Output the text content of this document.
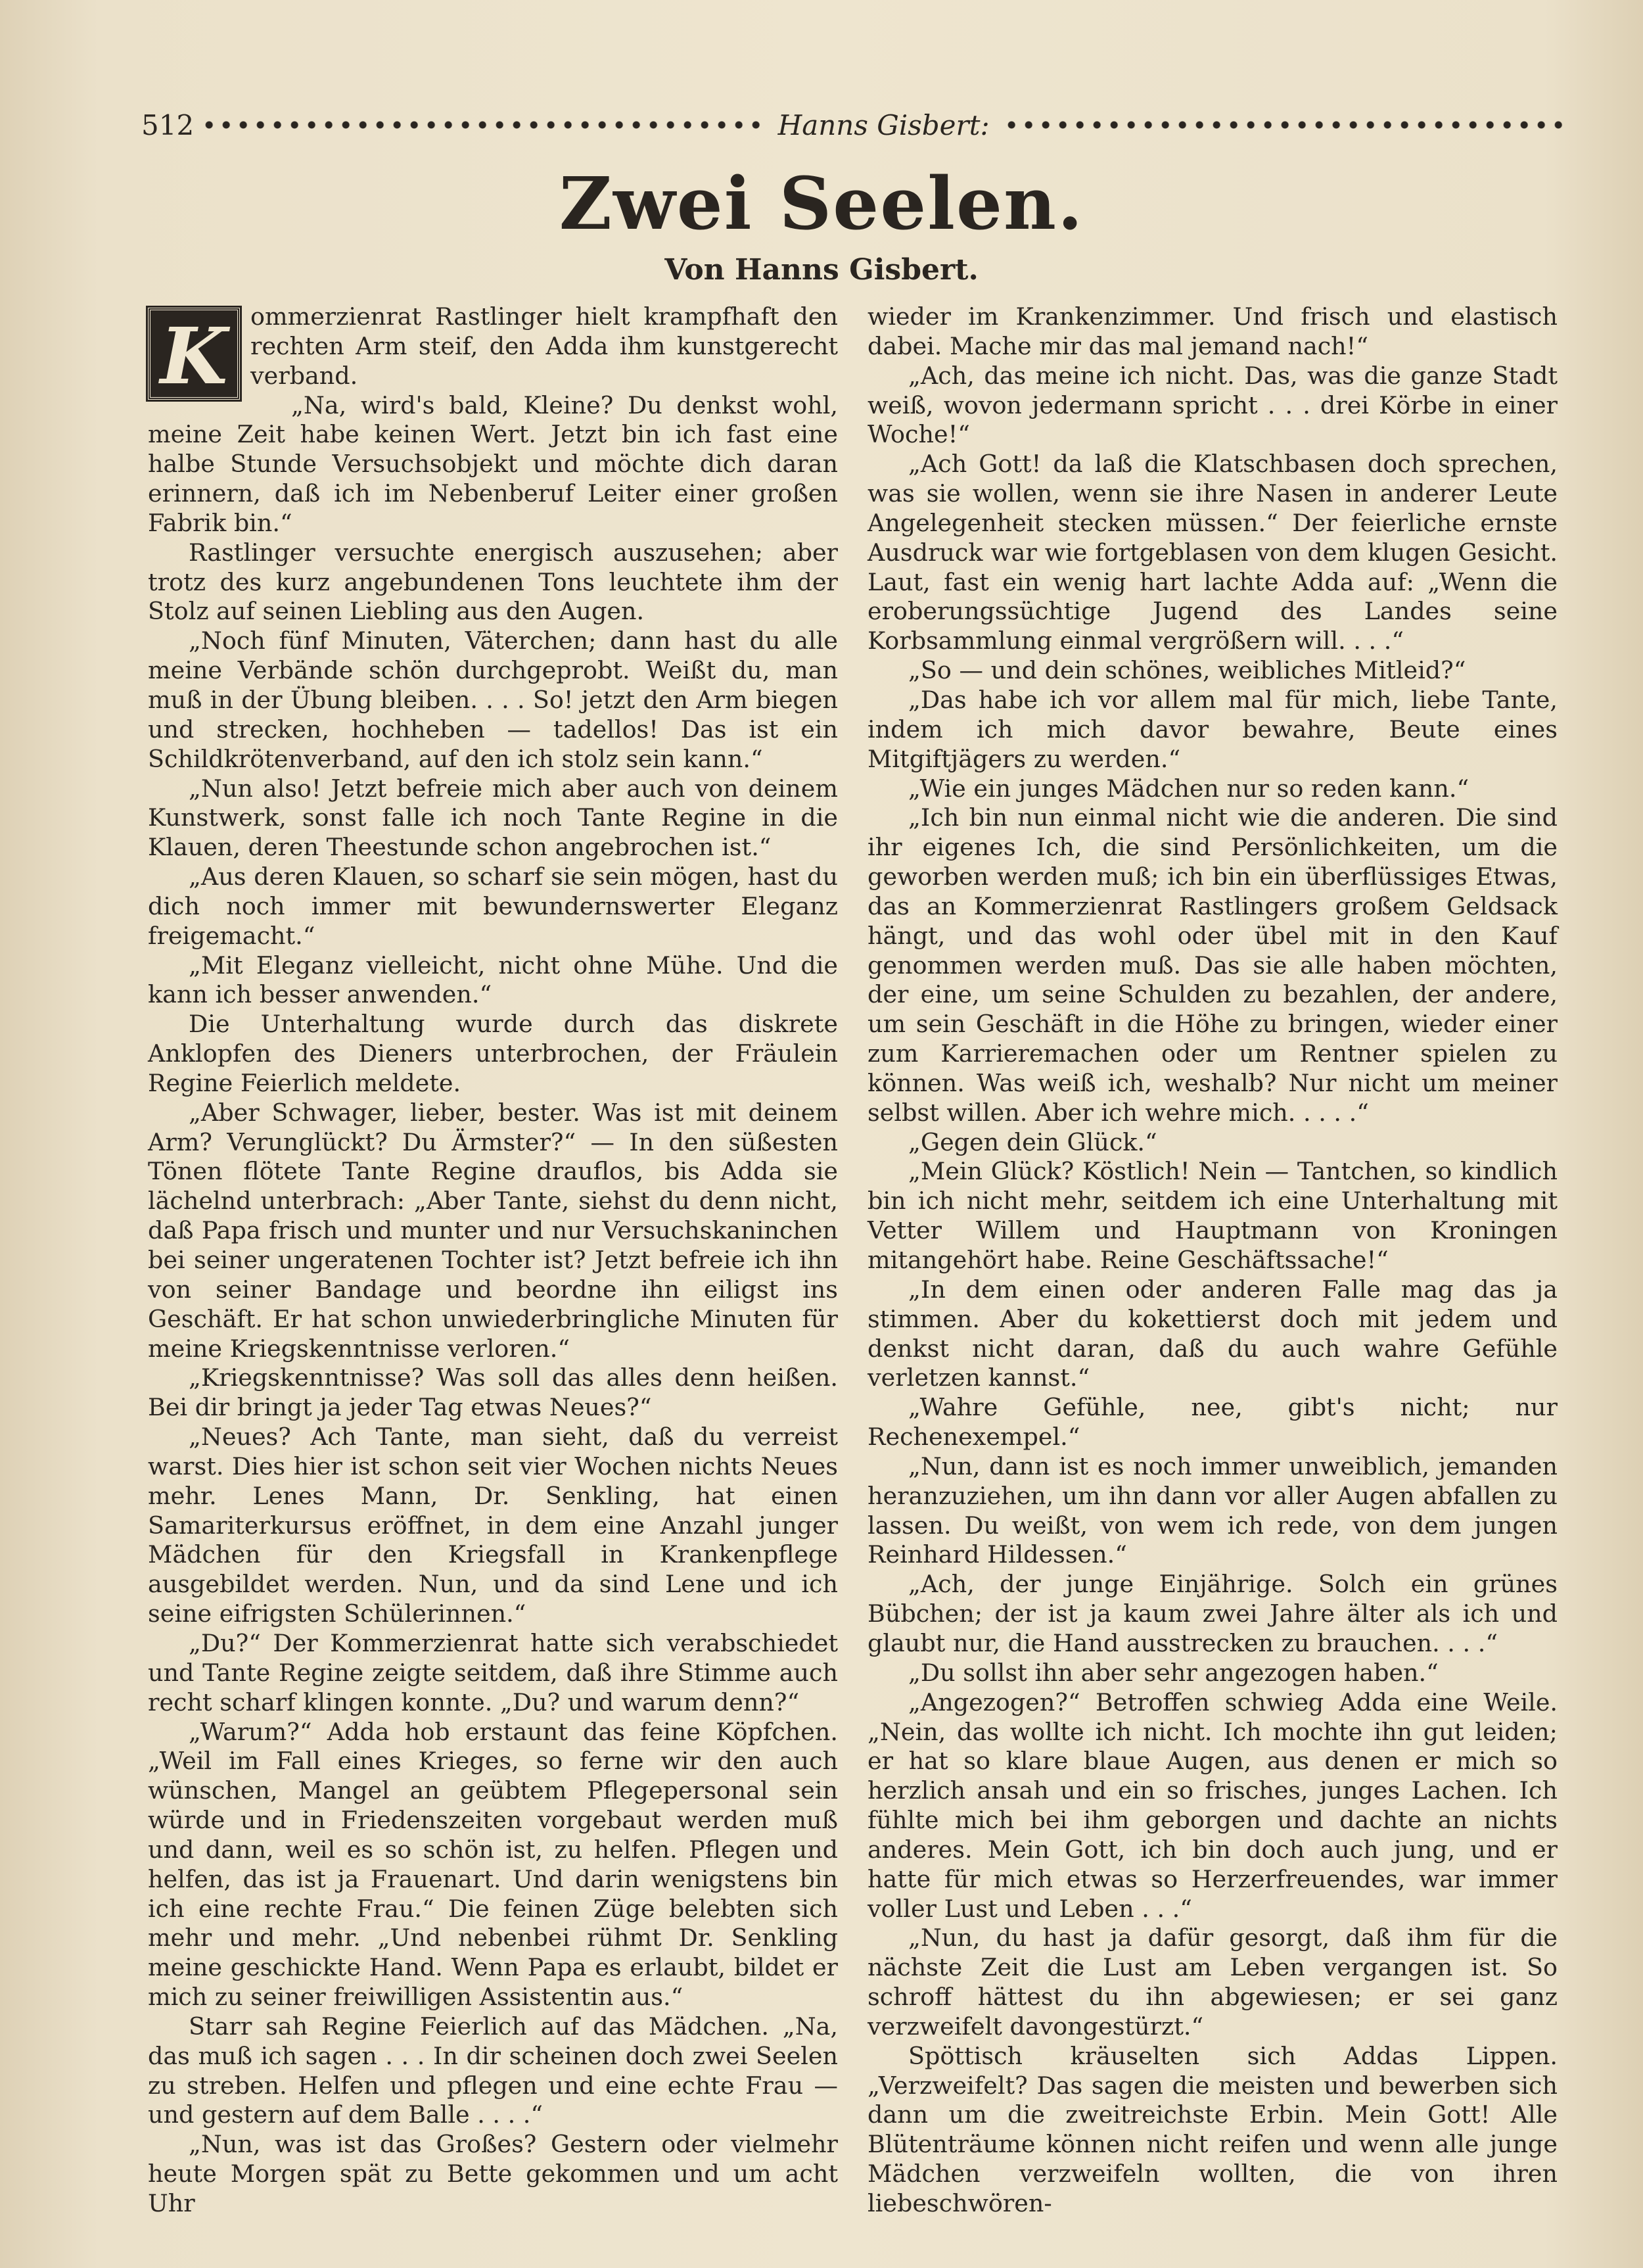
512	Hanns Gisbert:
Zwei Seelen.
Von Hanns Gisbert.
K ommerzienrat Rastlinger hielt krampfhaft den rechten Arm steif, den Adda ihm kunstgerecht verband.

„Na, wird's bald, Kleine? Du denkst wohl, meine Zeit habe keinen Wert. Jetzt bin ich fast eine halbe Stunde Versuchsobjekt und möchte dich daran erinnern, daß ich im Nebenberuf Leiter einer großen Fabrik bin.“

Rastlinger versuchte energisch auszusehen; aber trotz des kurz angebundenen Tons leuchtete ihm der Stolz auf seinen Liebling aus den Augen.

„Noch fünf Minuten, Väterchen; dann hast du alle meine Verbände schön durchgeprobt. Weißt du, man muß in der Übung bleiben. . . . So! jetzt den Arm biegen und strecken, hochheben — tadellos! Das ist ein Schildkrötenverband, auf den ich stolz sein kann.“

„Nun also! Jetzt befreie mich aber auch von deinem Kunstwerk, sonst falle ich noch Tante Regine in die Klauen, deren Theestunde schon angebrochen ist.“

„Aus deren Klauen, so scharf sie sein mögen, hast du dich noch immer mit bewundernswerter Eleganz freigemacht.“

„Mit Eleganz vielleicht, nicht ohne Mühe. Und die kann ich besser anwenden.“

Die Unterhaltung wurde durch das diskrete Anklopfen des Dieners unterbrochen, der Fräulein Regine Feierlich meldete.

„Aber Schwager, lieber, bester. Was ist mit deinem Arm? Verunglückt? Du Ärmster?“ — In den süßesten Tönen flötete Tante Regine drauflos, bis Adda sie lächelnd unterbrach: „Aber Tante, siehst du denn nicht, daß Papa frisch und munter und nur Versuchskaninchen bei seiner ungeratenen Tochter ist? Jetzt befreie ich ihn von seiner Bandage und beordne ihn eiligst ins Geschäft. Er hat schon unwiederbringliche Minuten für meine Kriegskenntnisse verloren.“

„Kriegskenntnisse? Was soll das alles denn heißen. Bei dir bringt ja jeder Tag etwas Neues?“

„Neues? Ach Tante, man sieht, daß du verreist warst. Dies hier ist schon seit vier Wochen nichts Neues mehr. Lenes Mann, Dr. Senkling, hat einen Samariterkursus eröffnet, in dem eine Anzahl junger Mädchen für den Kriegsfall in Krankenpflege ausgebildet werden. Nun, und da sind Lene und ich seine eifrigsten Schülerinnen.“

„Du?“ Der Kommerzienrat hatte sich verabschiedet und Tante Regine zeigte seitdem, daß ihre Stimme auch recht scharf klingen konnte. „Du? und warum denn?“

„Warum?“ Adda hob erstaunt das feine Köpfchen. „Weil im Fall eines Krieges, so ferne wir den auch wünschen, Mangel an geübtem Pflegepersonal sein würde und in Friedenszeiten vorgebaut werden muß und dann, weil es so schön ist, zu helfen. Pflegen und helfen, das ist ja Frauenart. Und darin wenigstens bin ich eine rechte Frau.“ Die feinen Züge belebten sich mehr und mehr. „Und nebenbei rühmt Dr. Senkling meine geschickte Hand. Wenn Papa es erlaubt, bildet er mich zu seiner freiwilligen Assistentin aus.“

Starr sah Regine Feierlich auf das Mädchen. „Na, das muß ich sagen . . . In dir scheinen doch zwei Seelen zu streben. Helfen und pflegen und eine echte Frau — und gestern auf dem Balle . . . .“

„Nun, was ist das Großes? Gestern oder vielmehr heute Morgen spät zu Bette gekommen und um acht Uhr

wieder im Krankenzimmer. Und frisch und elastisch dabei. Mache mir das mal jemand nach!“

„Ach, das meine ich nicht. Das, was die ganze Stadt weiß, wovon jedermann spricht . . . drei Körbe in einer Woche!“

„Ach Gott! da laß die Klatschbasen doch sprechen, was sie wollen, wenn sie ihre Nasen in anderer Leute Angelegenheit stecken müssen.“ Der feierliche ernste Ausdruck war wie fortgeblasen von dem klugen Gesicht. Laut, fast ein wenig hart lachte Adda auf: „Wenn die eroberungssüchtige Jugend des Landes seine Korbsammlung einmal vergrößern will. . . .“

„So — und dein schönes, weibliches Mitleid?“

„Das habe ich vor allem mal für mich, liebe Tante, indem ich mich davor bewahre, Beute eines Mitgiftjägers zu werden.“

„Wie ein junges Mädchen nur so reden kann.“

„Ich bin nun einmal nicht wie die anderen. Die sind ihr eigenes Ich, die sind Persönlichkeiten, um die geworben werden muß; ich bin ein überflüssiges Etwas, das an Kommerzienrat Rastlingers großem Geldsack hängt, und das wohl oder übel mit in den Kauf genommen werden muß. Das sie alle haben möchten, der eine, um seine Schulden zu bezahlen, der andere, um sein Geschäft in die Höhe zu bringen, wieder einer zum Karrieremachen oder um Rentner spielen zu können. Was weiß ich, weshalb? Nur nicht um meiner selbst willen. Aber ich wehre mich. . . . .“

„Gegen dein Glück.“

„Mein Glück? Köstlich! Nein — Tantchen, so kindlich bin ich nicht mehr, seitdem ich eine Unterhaltung mit Vetter Willem und Hauptmann von Kroningen mitangehört habe. Reine Geschäftssache!“

„In dem einen oder anderen Falle mag das ja stimmen. Aber du kokettierst doch mit jedem und denkst nicht daran, daß du auch wahre Gefühle verletzen kannst.“

„Wahre Gefühle, nee, gibt's nicht; nur Rechenexempel.“

„Nun, dann ist es noch immer unweiblich, jemanden heranzuziehen, um ihn dann vor aller Augen abfallen zu lassen. Du weißt, von wem ich rede, von dem jungen Reinhard Hildessen.“

„Ach, der junge Einjährige. Solch ein grünes Bübchen; der ist ja kaum zwei Jahre älter als ich und glaubt nur, die Hand ausstrecken zu brauchen. . . .“

„Du sollst ihn aber sehr angezogen haben.“

„Angezogen?“ Betroffen schwieg Adda eine Weile. „Nein, das wollte ich nicht. Ich mochte ihn gut leiden; er hat so klare blaue Augen, aus denen er mich so herzlich ansah und ein so frisches, junges Lachen. Ich fühlte mich bei ihm geborgen und dachte an nichts anderes. Mein Gott, ich bin doch auch jung, und er hatte für mich etwas so Herzerfreuendes, war immer voller Lust und Leben . . .“

„Nun, du hast ja dafür gesorgt, daß ihm für die nächste Zeit die Lust am Leben vergangen ist. So schroff hättest du ihn abgewiesen; er sei ganz verzweifelt davongestürzt.“

Spöttisch kräuselten sich Addas Lippen. „Verzweifelt? Das sagen die meisten und bewerben sich dann um die zweitreichste Erbin. Mein Gott! Alle Blütenträume können nicht reifen und wenn alle junge Mädchen verzweifeln wollten, die von ihren liebeschwören-
